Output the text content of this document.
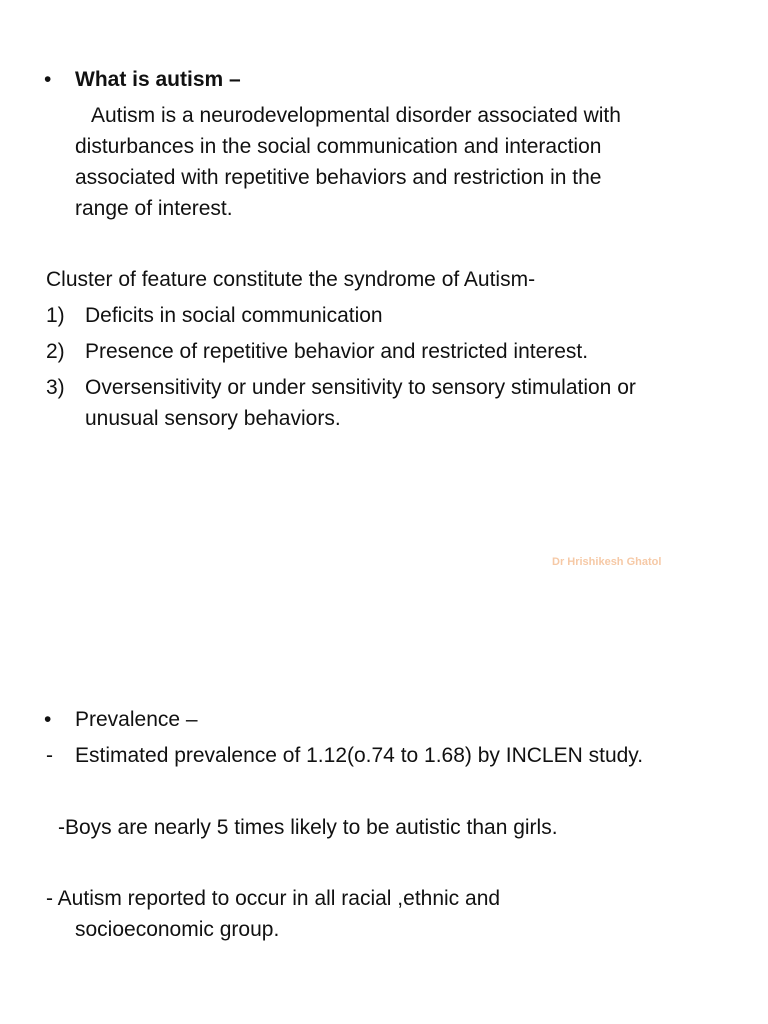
•	What is autism –
Autism is a neurodevelopmental disorder associated with
disturbances in the social communication and interaction
associated with repetitive behaviors and restriction in the
range of interest.
Cluster of feature constitute the syndrome of Autism-
1) Deficits in social communication
2) Presence of repetitive behavior and restricted interest.
3) Oversensitivity or under sensitivity to sensory stimulation or
unusual sensory behaviors.
Dr Hrishikesh Ghatol
•	Prevalence –
-	Estimated prevalence of 1.12(o.74 to 1.68) by INCLEN study.
-Boys are nearly 5 times likely to be autistic than girls.
- Autism reported to occur in all racial ,ethnic and
socioeconomic group.
